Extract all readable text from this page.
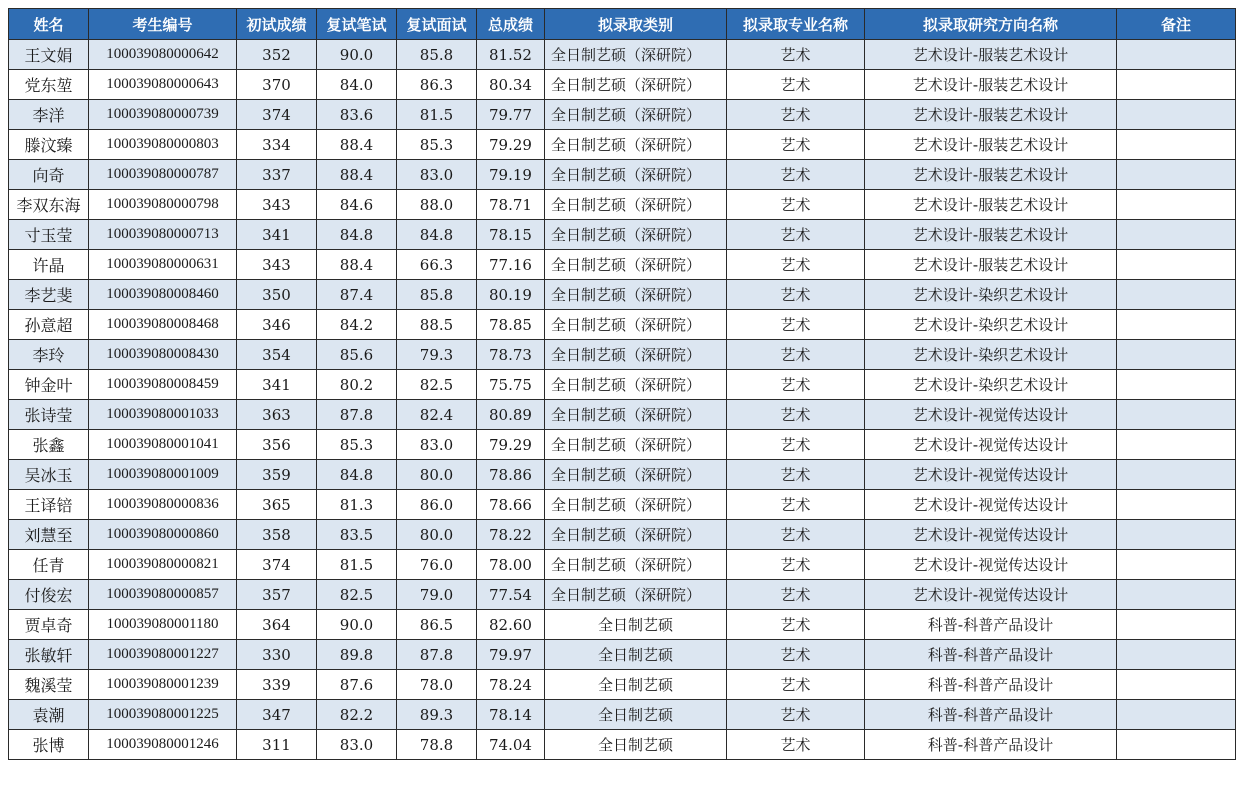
姓名	考生编号	初试成绩	复试笔试	复试面试	总成绩	拟录取类别	拟录取专业名称	拟录取研究方向名称	备注
王文娟	100039080000642	352	90.0	85.8	81.52	全日制艺硕（深研院）	艺术	艺术设计-服装艺术设计	
党东堃	100039080000643	370	84.0	86.3	80.34	全日制艺硕（深研院）	艺术	艺术设计-服装艺术设计	
李洋	100039080000739	374	83.6	81.5	79.77	全日制艺硕（深研院）	艺术	艺术设计-服装艺术设计	
滕汶臻	100039080000803	334	88.4	85.3	79.29	全日制艺硕（深研院）	艺术	艺术设计-服装艺术设计	
向奇	100039080000787	337	88.4	83.0	79.19	全日制艺硕（深研院）	艺术	艺术设计-服装艺术设计	
李双东海	100039080000798	343	84.6	88.0	78.71	全日制艺硕（深研院）	艺术	艺术设计-服装艺术设计	
寸玉莹	100039080000713	341	84.8	84.8	78.15	全日制艺硕（深研院）	艺术	艺术设计-服装艺术设计	
许晶	100039080000631	343	88.4	66.3	77.16	全日制艺硕（深研院）	艺术	艺术设计-服装艺术设计	
李艺斐	100039080008460	350	87.4	85.8	80.19	全日制艺硕（深研院）	艺术	艺术设计-染织艺术设计	
孙意超	100039080008468	346	84.2	88.5	78.85	全日制艺硕（深研院）	艺术	艺术设计-染织艺术设计	
李玲	100039080008430	354	85.6	79.3	78.73	全日制艺硕（深研院）	艺术	艺术设计-染织艺术设计	
钟金叶	100039080008459	341	80.2	82.5	75.75	全日制艺硕（深研院）	艺术	艺术设计-染织艺术设计	
张诗莹	100039080001033	363	87.8	82.4	80.89	全日制艺硕（深研院）	艺术	艺术设计-视觉传达设计	
张鑫	100039080001041	356	85.3	83.0	79.29	全日制艺硕（深研院）	艺术	艺术设计-视觉传达设计	
吴冰玉	100039080001009	359	84.8	80.0	78.86	全日制艺硕（深研院）	艺术	艺术设计-视觉传达设计	
王译锫	100039080000836	365	81.3	86.0	78.66	全日制艺硕（深研院）	艺术	艺术设计-视觉传达设计	
刘慧至	100039080000860	358	83.5	80.0	78.22	全日制艺硕（深研院）	艺术	艺术设计-视觉传达设计	
任青	100039080000821	374	81.5	76.0	78.00	全日制艺硕（深研院）	艺术	艺术设计-视觉传达设计	
付俊宏	100039080000857	357	82.5	79.0	77.54	全日制艺硕（深研院）	艺术	艺术设计-视觉传达设计	
贾卓奇	100039080001180	364	90.0	86.5	82.60	全日制艺硕	艺术	科普-科普产品设计	
张敏轩	100039080001227	330	89.8	87.8	79.97	全日制艺硕	艺术	科普-科普产品设计	
魏溪莹	100039080001239	339	87.6	78.0	78.24	全日制艺硕	艺术	科普-科普产品设计	
袁潮	100039080001225	347	82.2	89.3	78.14	全日制艺硕	艺术	科普-科普产品设计	
张博	100039080001246	311	83.0	78.8	74.04	全日制艺硕	艺术	科普-科普产品设计	
